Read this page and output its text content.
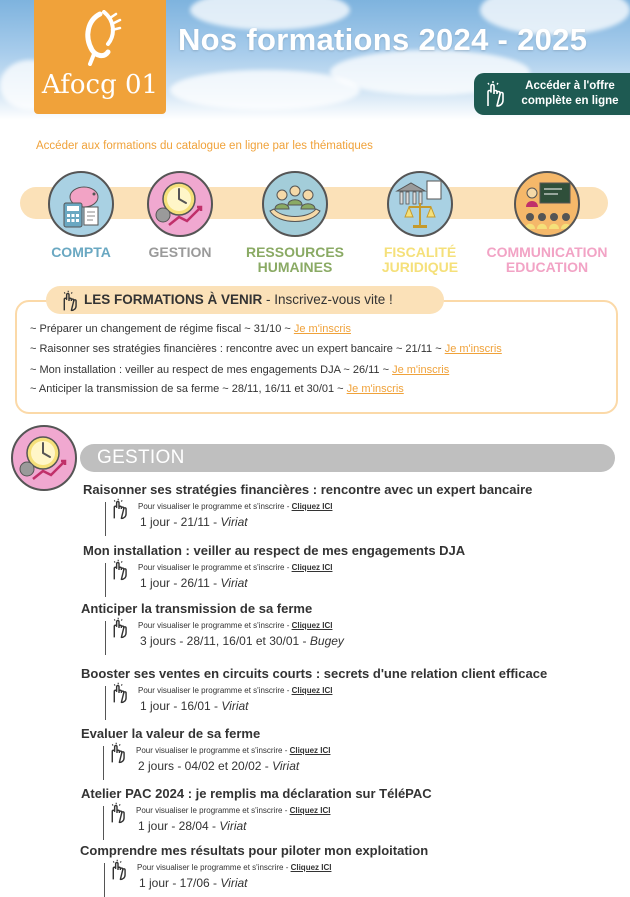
Afocg 01
Nos formations 2024 - 2025
Accéder à l'offre complète en ligne
Accéder aux formations du catalogue en ligne par les thématiques
COMPTA	GESTION	RESSOURCES HUMAINES
FISCALITÉ JURIDIQUE
COMMUNICATION EDUCATION
LES FORMATIONS À VENIR - Inscrivez-vous vite !
~ Préparer un changement de régime fiscal ~ 31/10 ~ Je m'inscris
~ Raisonner ses stratégies financières : rencontre avec un expert bancaire ~ 21/11 ~ Je m'inscris
~ Mon installation : veiller au respect de mes engagements DJA ~ 26/11 ~ Je m'inscris
~ Anticiper la transmission de sa ferme ~ 28/11, 16/11 et 30/01 ~ Je m'inscris
GESTION
Raisonner ses stratégies financières : rencontre avec un expert bancaire
Pour visualiser le programme et s'inscrire - Cliquez ICI
1 jour - 21/11 - Viriat
Mon installation : veiller au respect de mes engagements DJA
Pour visualiser le programme et s'inscrire - Cliquez ICI
1 jour - 26/11 - Viriat
Anticiper la transmission de sa ferme
Pour visualiser le programme et s'inscrire - Cliquez ICI
3 jours - 28/11, 16/01 et 30/01 - Bugey
Booster ses ventes en circuits courts : secrets d'une relation client efficace
Pour visualiser le programme et s'inscrire - Cliquez ICI
1 jour - 16/01 - Viriat
Evaluer la valeur de sa ferme
Pour visualiser le programme et s'inscrire - Cliquez ICI
2 jours - 04/02 et 20/02 - Viriat
Atelier PAC 2024 : je remplis ma déclaration sur TéléPAC
Pour visualiser le programme et s'inscrire - Cliquez ICI
1 jour - 28/04 - Viriat
Comprendre mes résultats pour piloter mon exploitation
Pour visualiser le programme et s'inscrire - Cliquez ICI
1 jour - 17/06 - Viriat
